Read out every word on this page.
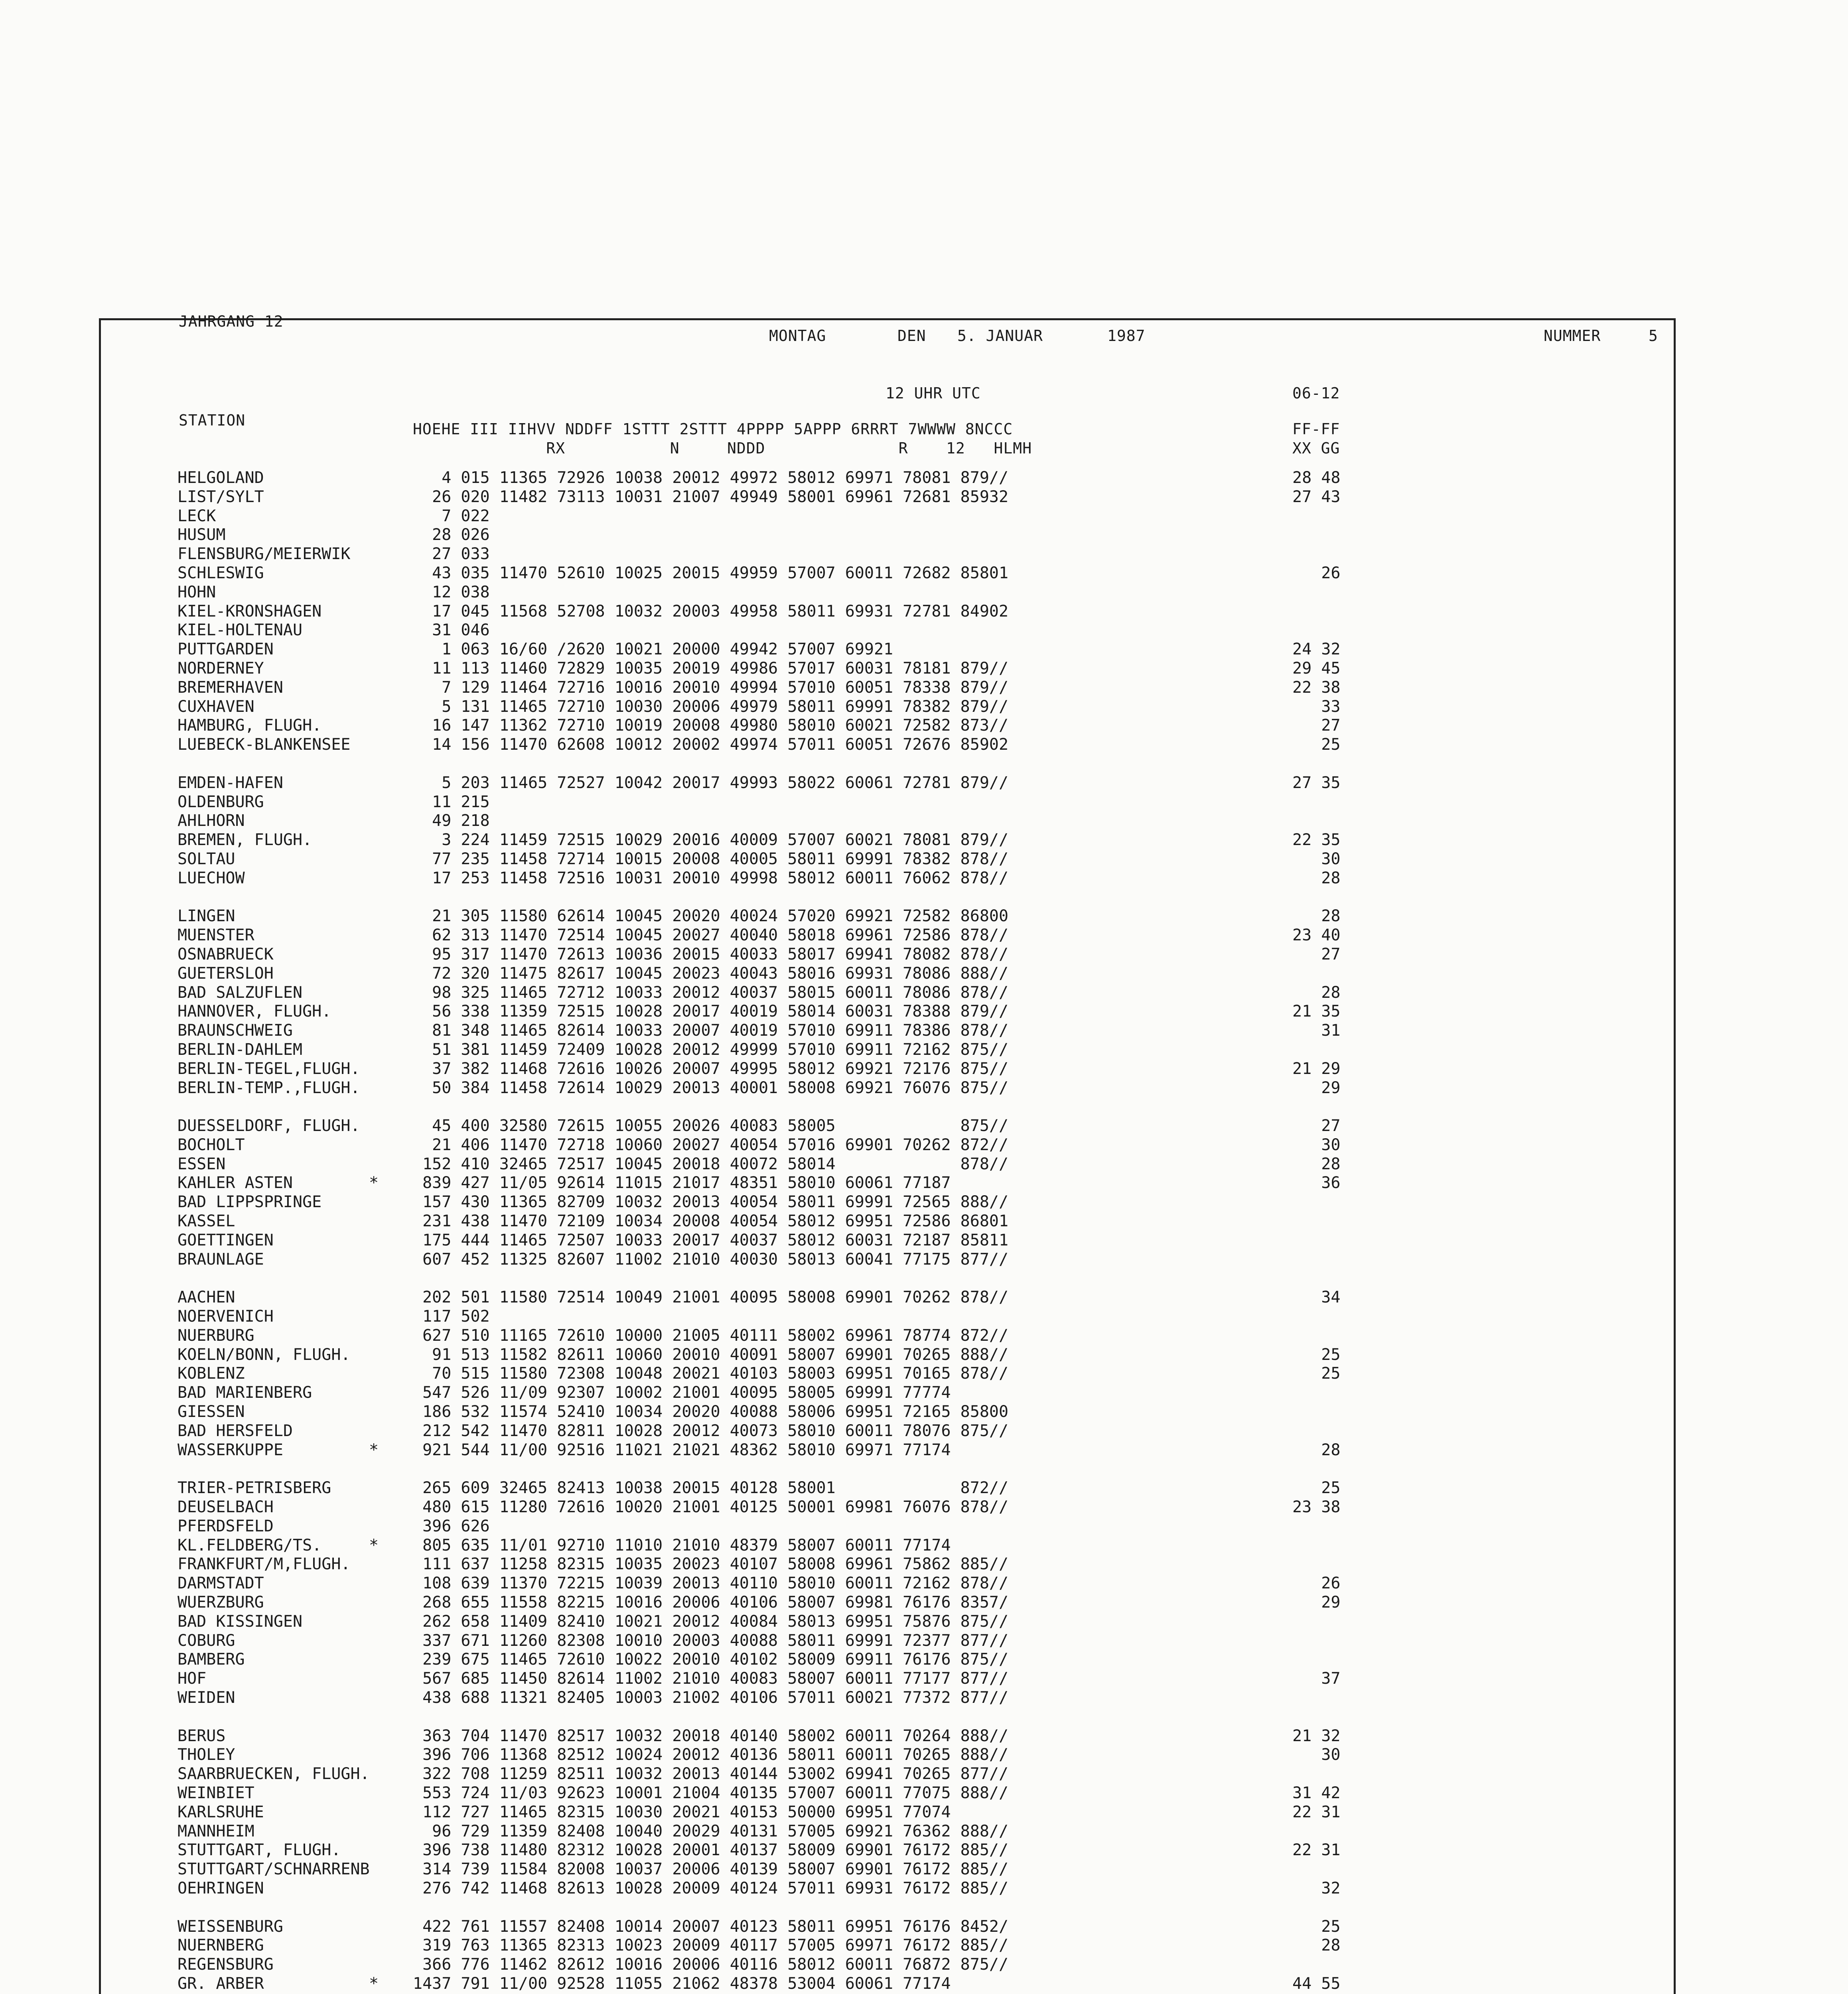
JAHRGANG 12
MONTAG	DEN 5. JANUAR	1987	NUMMER	5
12 UHR UTC	06-12
STATION	HOEHE III IIHVV NDDFF 1STTT 2STTT 4PPPP 5APPP 6RRRT 7WWWW 8NCCC
RX           N     NDDD              R    12   HLMH
FF-FF
XX GG
HELGOLAND	4 015 11365 72926 10038 20012 49972 58012 69971 78081 879//	28 48
LIST/SYLT	26 020 11482 73113 10031 21007 49949 58001 69961 72681 85932	27 43
LECK	7 022
HUSUM	28 026
FLENSBURG/MEIERWIK	27 033
SCHLESWIG	43 035 11470 52610 10025 20015 49959 57007 60011 72682 85801	26
HOHN	12 038
KIEL-KRONSHAGEN	17 045 11568 52708 10032 20003 49958 58011 69931 72781 84902
KIEL-HOLTENAU	31 046
PUTTGARDEN	1 063 16/60 /2620 10021 20000 49942 57007 69921	24 32
NORDERNEY	11 113 11460 72829 10035 20019 49986 57017 60031 78181 879//	29 45
BREMERHAVEN	7 129 11464 72716 10016 20010 49994 57010 60051 78338 879//	22 38
CUXHAVEN	5 131 11465 72710 10030 20006 49979 58011 69991 78382 879//	33
HAMBURG, FLUGH.	16 147 11362 72710 10019 20008 49980 58010 60021 72582 873//	27
LUEBECK-BLANKENSEE	14 156 11470 62608 10012 20002 49974 57011 60051 72676 85902	25
EMDEN-HAFEN	5 203 11465 72527 10042 20017 49993 58022 60061 72781 879//	27 35
OLDENBURG	11 215
AHLHORN	49 218
BREMEN, FLUGH.	3 224 11459 72515 10029 20016 40009 57007 60021 78081 879//	22 35
SOLTAU	77 235 11458 72714 10015 20008 40005 58011 69991 78382 878//	30
LUECHOW	17 253 11458 72516 10031 20010 49998 58012 60011 76062 878//	28
LINGEN	21 305 11580 62614 10045 20020 40024 57020 69921 72582 86800	28
MUENSTER	62 313 11470 72514 10045 20027 40040 58018 69961 72586 878//	23 40
OSNABRUECK	95 317 11470 72613 10036 20015 40033 58017 69941 78082 878//	27
GUETERSLOH	72 320 11475 82617 10045 20023 40043 58016 69931 78086 888//
BAD SALZUFLEN	98 325 11465 72712 10033 20012 40037 58015 60011 78086 878//	28
HANNOVER, FLUGH.	56 338 11359 72515 10028 20017 40019 58014 60031 78388 879//	21 35
BRAUNSCHWEIG	81 348 11465 82614 10033 20007 40019 57010 69911 78386 878//	31
BERLIN-DAHLEM	51 381 11459 72409 10028 20012 49999 57010 69911 72162 875//
BERLIN-TEGEL,FLUGH.	37 382 11468 72616 10026 20007 49995 58012 69921 72176 875//	21 29
BERLIN-TEMP.,FLUGH.	50 384 11458 72614 10029 20013 40001 58008 69921 76076 875//	29
DUESSELDORF, FLUGH.	45 400 32580 72615 10055 20026 40083 58005             875//	27
BOCHOLT	21 406 11470 72718 10060 20027 40054 57016 69901 70262 872//	30
ESSEN	152 410 32465 72517 10045 20018 40072 58014             878//	28
KAHLER ASTEN	* 839 427 11/05 92614 11015 21017 48351 58010 60061 77187	36
BAD LIPPSPRINGE	157 430 11365 82709 10032 20013 40054 58011 69991 72565 888//
KASSEL	231 438 11470 72109 10034 20008 40054 58012 69951 72586 86801
GOETTINGEN	175 444 11465 72507 10033 20017 40037 58012 60031 72187 85811
BRAUNLAGE	607 452 11325 82607 11002 21010 40030 58013 60041 77175 877//
AACHEN	202 501 11580 72514 10049 21001 40095 58008 69901 70262 878//	34
NOERVENICH	117 502
NUERBURG	627 510 11165 72610 10000 21005 40111 58002 69961 78774 872//
KOELN/BONN, FLUGH.	91 513 11582 82611 10060 20010 40091 58007 69901 70265 888//	25
KOBLENZ	70 515 11580 72308 10048 20021 40103 58003 69951 70165 878//	25
BAD MARIENBERG	547 526 11/09 92307 10002 21001 40095 58005 69991 77774
GIESSEN	186 532 11574 52410 10034 20020 40088 58006 69951 72165 85800
BAD HERSFELD	212 542 11470 82811 10028 20012 40073 58010 60011 78076 875//
WASSERKUPPE	* 921 544 11/00 92516 11021 21021 48362 58010 69971 77174	28
TRIER-PETRISBERG	265 609 32465 82413 10038 20015 40128 58001             872//	25
DEUSELBACH	480 615 11280 72616 10020 21001 40125 50001 69981 76076 878//	23 38
PFERDSFELD	396 626
KL.FELDBERG/TS.	* 805 635 11/01 92710 11010 21010 48379 58007 60011 77174
FRANKFURT/M,FLUGH.	111 637 11258 82315 10035 20023 40107 58008 69961 75862 885//
DARMSTADT	108 639 11370 72215 10039 20013 40110 58010 60011 72162 878//	26
WUERZBURG	268 655 11558 82215 10016 20006 40106 58007 69981 76176 8357/	29
BAD KISSINGEN	262 658 11409 82410 10021 20012 40084 58013 69951 75876 875//
COBURG	337 671 11260 82308 10010 20003 40088 58011 69991 72377 877//
BAMBERG	239 675 11465 72610 10022 20010 40102 58009 69911 76176 875//
HOF	567 685 11450 82614 11002 21010 40083 58007 60011 77177 877//	37
WEIDEN	438 688 11321 82405 10003 21002 40106 57011 60021 77372 877//
BERUS	363 704 11470 82517 10032 20018 40140 58002 60011 70264 888//	21 32
THOLEY	396 706 11368 82512 10024 20012 40136 58011 60011 70265 888//	30
SAARBRUECKEN, FLUGH.	322 708 11259 82511 10032 20013 40144 53002 69941 70265 877//
WEINBIET	553 724 11/03 92623 10001 21004 40135 57007 60011 77075 888//	31 42
KARLSRUHE	112 727 11465 82315 10030 20021 40153 50000 69951 77074	22 31
MANNHEIM	96 729 11359 82408 10040 20029 40131 57005 69921 76362 888//
STUTTGART, FLUGH.	396 738 11480 82312 10028 20001 40137 58009 69901 76172 885//	22 31
STUTTGART/SCHNARRENB	314 739 11584 82008 10037 20006 40139 58007 69901 76172 885//
OEHRINGEN	276 742 11468 82613 10028 20009 40124 57011 69931 76172 885//	32
WEISSENBURG	422 761 11557 82408 10014 20007 40123 58011 69951 76176 8452/	25
NUERNBERG	319 763 11365 82313 10023 20009 40117 57005 69971 76172 885//	28
REGENSBURG	366 776 11462 82612 10016 20006 40116 58012 60011 76872 875//
GR. ARBER	* 1437 791 11/00 92528 11055 21062 48378 53004 60061 77174	44 55
